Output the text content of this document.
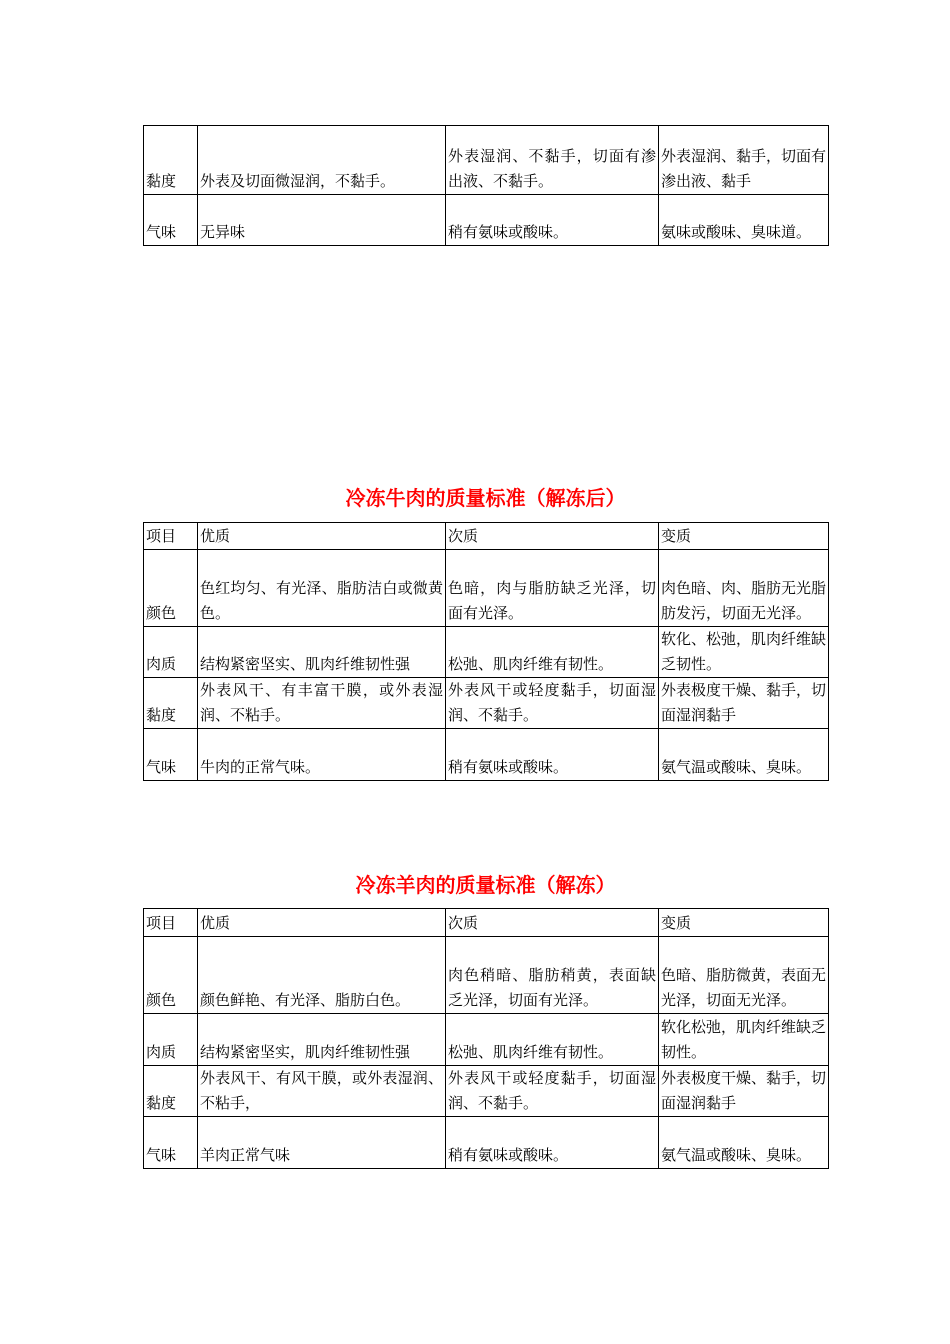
黏度	外表及切面微湿润，不黏手。	外表湿润、不黏手，切面有渗出液、不黏手。	外表湿润、黏手，切面有渗出液、黏手
气味	无异味	稍有氨味或酸味。	氨味或酸味、臭味道。
冷冻牛肉的质量标准（解冻后）
项目	优质	次质	变质
颜色	色红均匀、有光泽、脂肪洁白或微黄色。	色暗，肉与脂肪缺乏光泽，切面有光泽。	肉色暗、肉、脂肪无光脂肪发污，切面无光泽。
肉质	结构紧密坚实、肌肉纤维韧性强	松弛、肌肉纤维有韧性。	软化、松弛，肌肉纤维缺乏韧性。
黏度	外表风干、有丰富干膜，或外表湿润、不粘手。	外表风干或轻度黏手，切面湿润、不黏手。	外表极度干燥、黏手，切面湿润黏手
气味	牛肉的正常气味。	稍有氨味或酸味。	氨气温或酸味、臭味。
冷冻羊肉的质量标准（解冻）
项目	优质	次质	变质
颜色	颜色鲜艳、有光泽、脂肪白色。	肉色稍暗、脂肪稍黄，表面缺乏光泽，切面有光泽。	色暗、脂肪微黄，表面无光泽，切面无光泽。
肉质	结构紧密坚实，肌肉纤维韧性强	松弛、肌肉纤维有韧性。	软化松弛，肌肉纤维缺乏韧性。
黏度	外表风干、有风干膜，或外表湿润、不粘手，	外表风干或轻度黏手，切面湿润、不黏手。	外表极度干燥、黏手，切面湿润黏手
气味	羊肉正常气味	稍有氨味或酸味。	氨气温或酸味、臭味。
